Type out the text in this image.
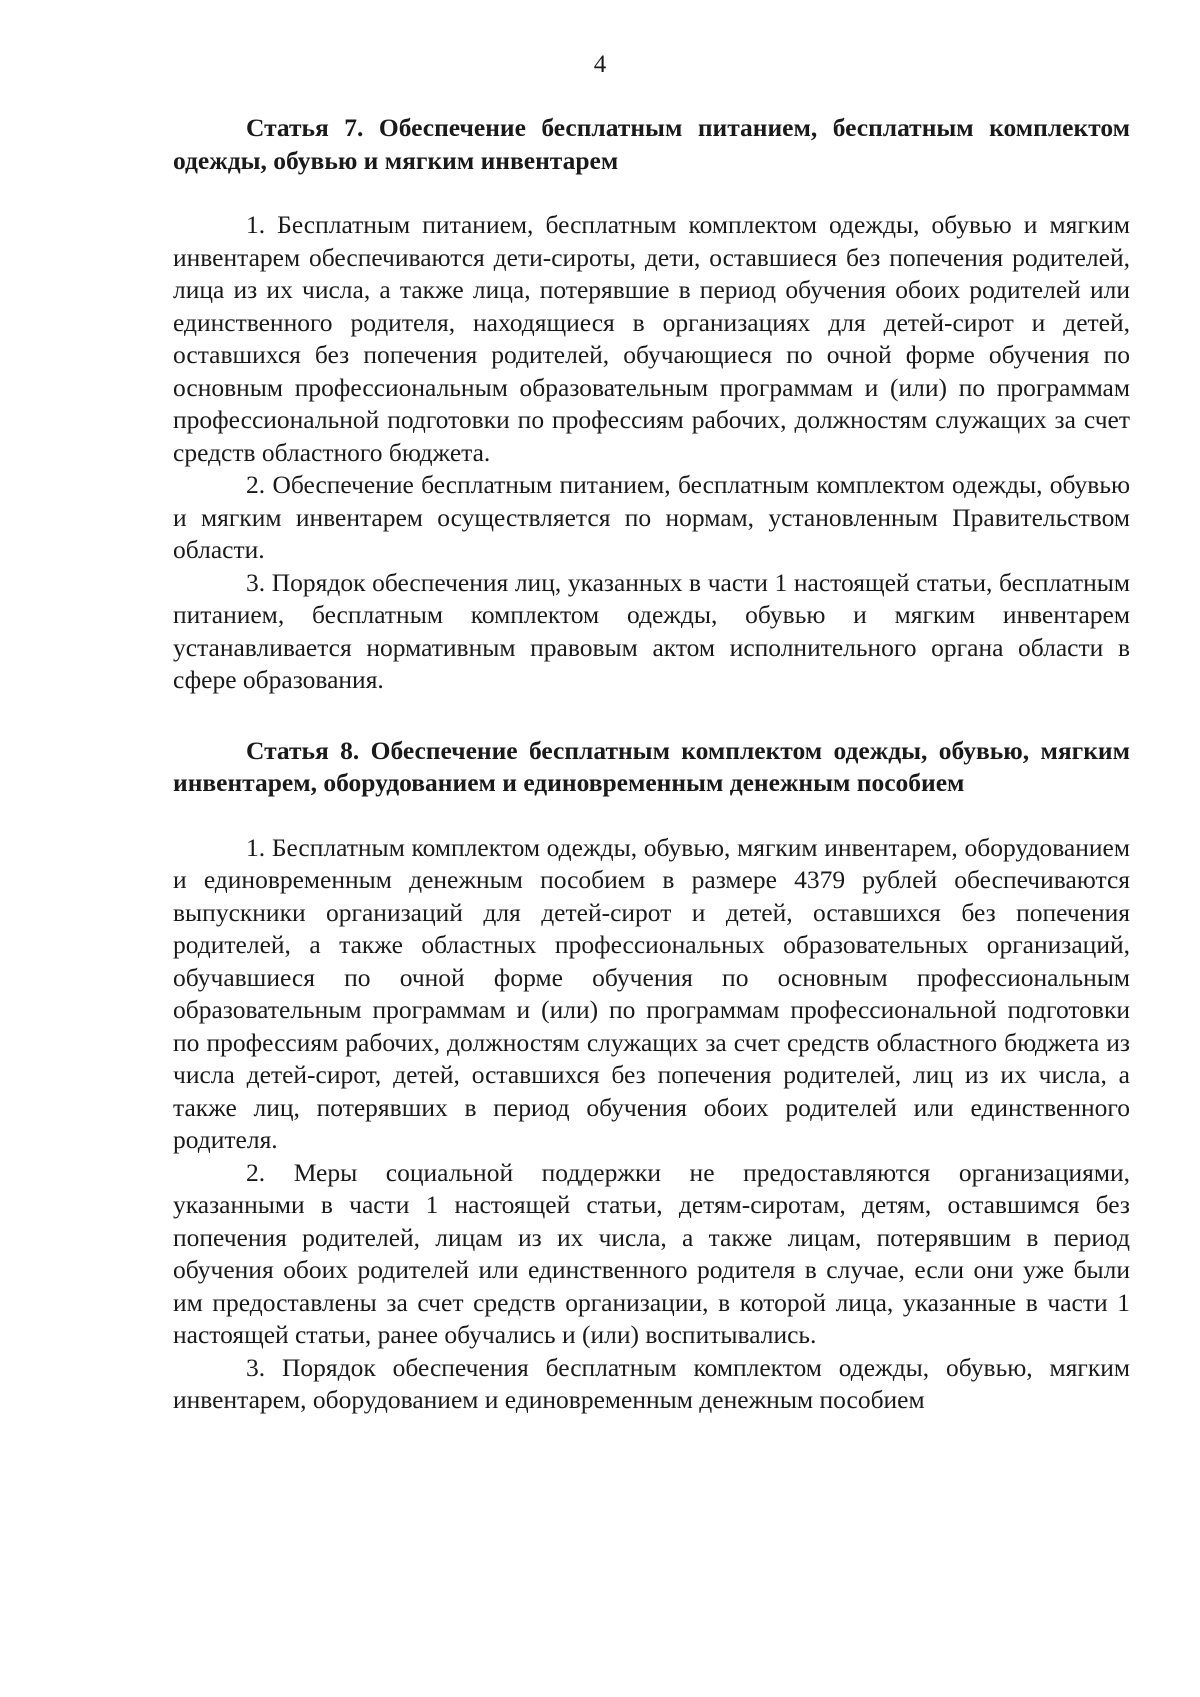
4
Статья 7. Обеспечение бесплатным питанием, бесплатным комплектом одежды, обувью и мягким инвентарем

1. Бесплатным питанием, бесплатным комплектом одежды, обувью и мягким инвентарем обеспечиваются дети-сироты, дети, оставшиеся без попечения родителей, лица из их числа, а также лица, потерявшие в период обучения обоих родителей или единственного родителя, находящиеся в организациях для детей-сирот и детей, оставшихся без попечения родителей, обучающиеся по очной форме обучения по основным профессиональным образовательным программам и (или) по программам профессиональной подготовки по профессиям рабочих, должностям служащих за счет средств областного бюджета.

2. Обеспечение бесплатным питанием, бесплатным комплектом одежды, обувью и мягким инвентарем осуществляется по нормам, установленным Правительством области.

3. Порядок обеспечения лиц, указанных в части 1 настоящей статьи, бесплатным питанием, бесплатным комплектом одежды, обувью и мягким инвентарем устанавливается нормативным правовым актом исполнительного органа области в сфере образования.

Статья 8. Обеспечение бесплатным комплектом одежды, обувью, мягким инвентарем, оборудованием и единовременным денежным пособием

1. Бесплатным комплектом одежды, обувью, мягким инвентарем, оборудованием и единовременным денежным пособием в размере 4379 рублей обеспечиваются выпускники организаций для детей-сирот и детей, оставшихся без попечения родителей, а также областных профессиональных образовательных организаций, обучавшиеся по очной форме обучения по основным профессиональным образовательным программам и (или) по программам профессиональной подготовки по профессиям рабочих, должностям служащих за счет средств областного бюджета из числа детей-сирот, детей, оставшихся без попечения родителей, лиц из их числа, а также лиц, потерявших в период обучения обоих родителей или единственного родителя.

2. Меры социальной поддержки не предоставляются организациями, указанными в части 1 настоящей статьи, детям-сиротам, детям, оставшимся без попечения родителей, лицам из их числа, а также лицам, потерявшим в период обучения обоих родителей или единственного родителя в случае, если они уже были им предоставлены за счет средств организации, в которой лица, указанные в части 1 настоящей статьи, ранее обучались и (или) воспитывались.

3. Порядок обеспечения бесплатным комплектом одежды, обувью, мягким инвентарем, оборудованием и единовременным денежным пособием
